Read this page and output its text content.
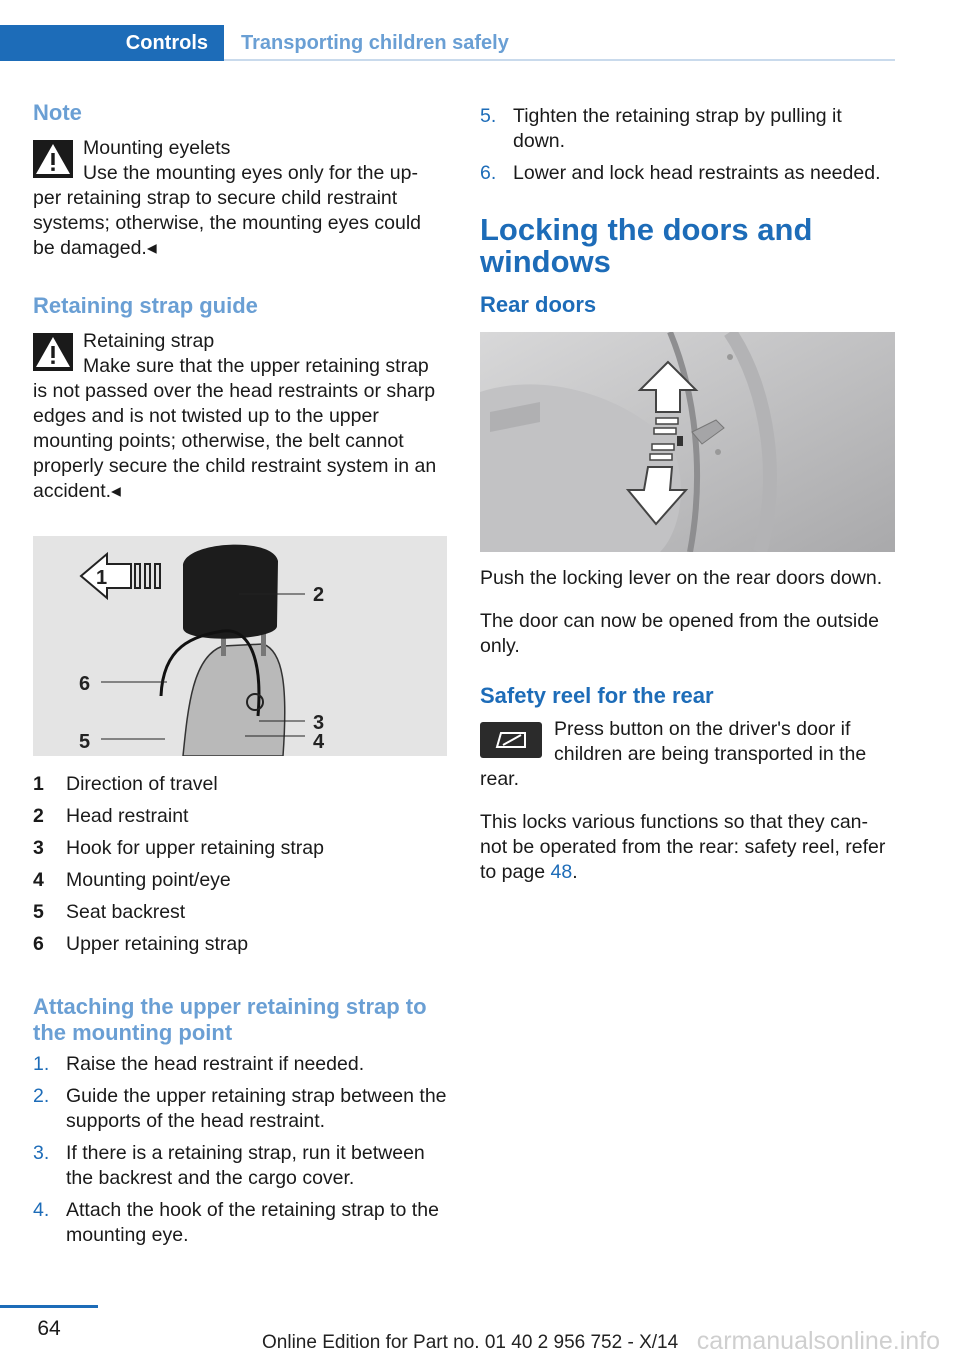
Controls	Transporting children safely
Note
Mounting eyelets
Use the mounting eyes only for the up-

per retaining strap to secure child restraint systems; otherwise, the mounting eyes could be damaged.◂

Retaining strap guide
Retaining strap
Make sure that the upper retaining strap

is not passed over the head restraints or sharp edges and is not twisted up to the upper mounting points; otherwise, the belt cannot properly secure the child restraint system in an accident.◂

1
2
3
4
5
6
1	Direction of travel
2	Head restraint
3	Hook for upper retaining strap
4	Mounting point/eye
5	Seat backrest
6	Upper retaining strap
Attaching the upper retaining strap to the mounting point
1. Raise the head restraint if needed.
2. Guide the upper retaining strap between the supports of the head restraint.
3. If there is a retaining strap, run it between the backrest and the cargo cover.
4. Attach the hook of the retaining strap to the mounting eye.
5. Tighten the retaining strap by pulling it down.
6. Lower and lock head restraints as needed.
Locking the doors and windows
Rear doors

Push the locking lever on the rear doors down.

The door can now be opened from the outside only.

Safety reel for the rear

Press button on the driver's door if children are being transported in the rear.

This locks various functions so that they can-not be operated from the rear: safety reel, refer to page 48.

64
Online Edition for Part no. 01 40 2 956 752 - X/14 carmanualsonline.info
